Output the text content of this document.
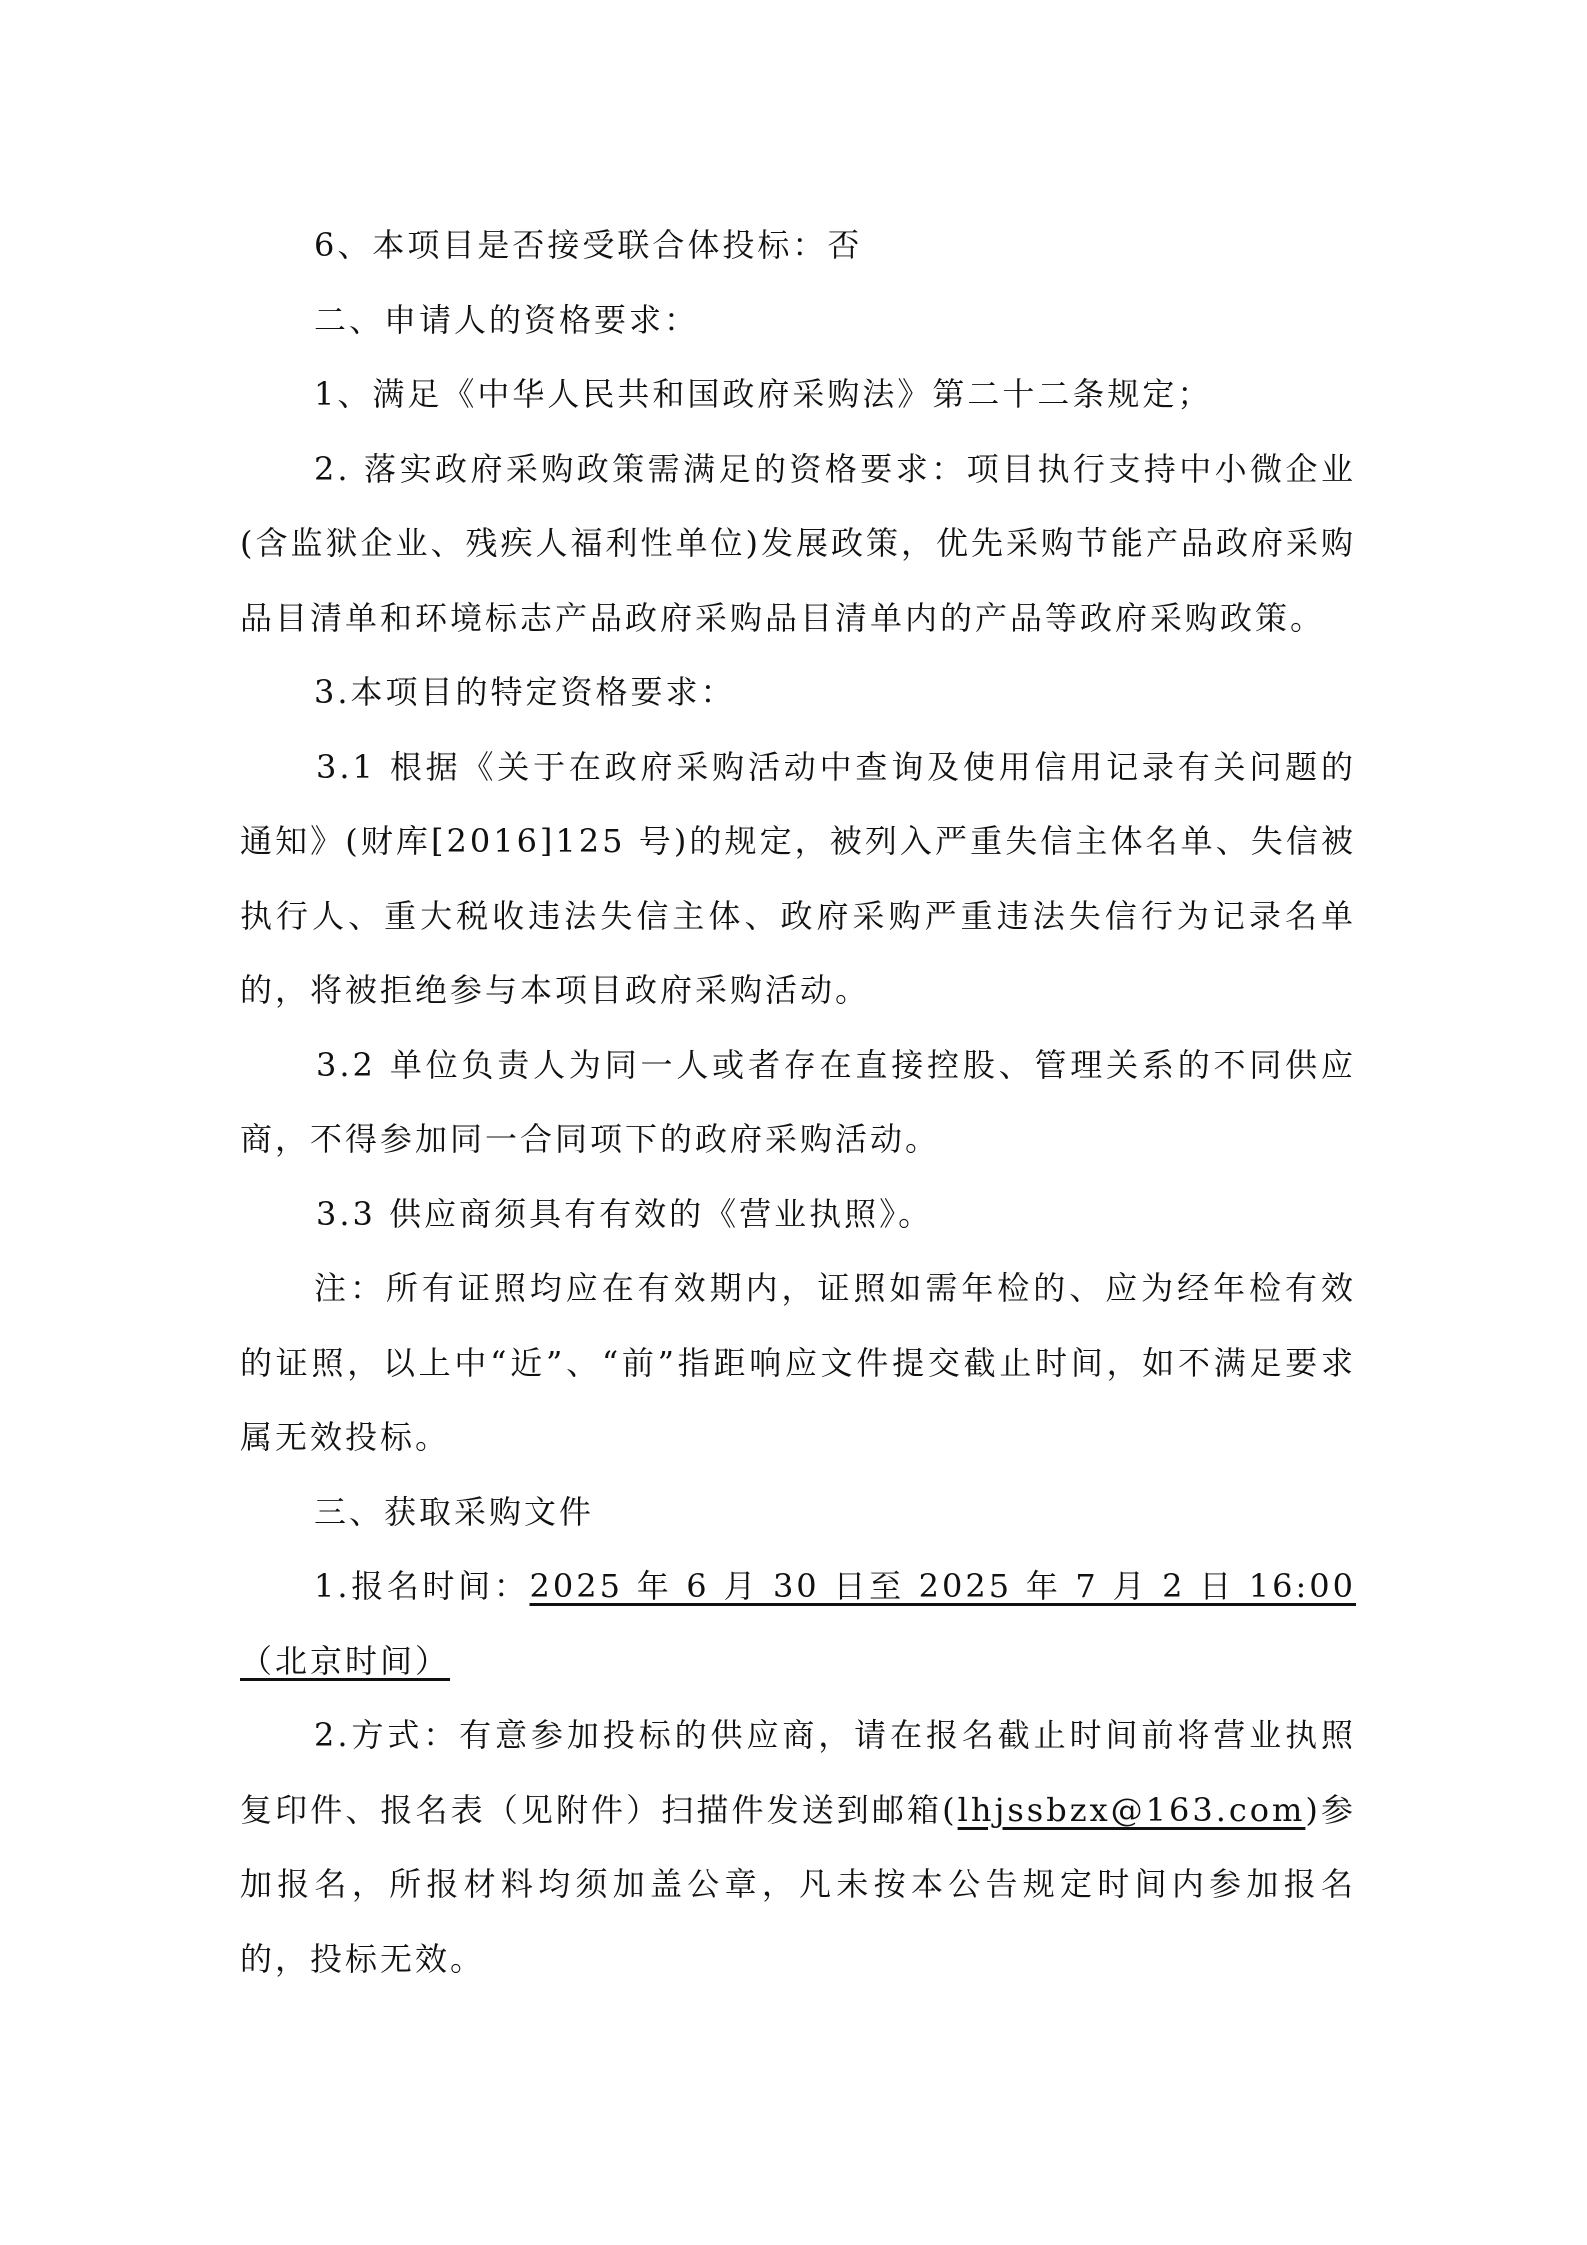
6、本项目是否接受联合体投标：否

二、申请人的资格要求：

1、满足《中华人民共和国政府采购法》第二十二条规定；

2. 落实政府采购政策需满足的资格要求：项目执行支持中小微企业(含监狱企业、残疾人福利性单位)发展政策，优先采购节能产品政府采购品目清单和环境标志产品政府采购品目清单内的产品等政府采购政策。

3.本项目的特定资格要求：

3.1 根据《关于在政府采购活动中查询及使用信用记录有关问题的通知》(财库[2016]125 号)的规定，被列入严重失信主体名单、失信被执行人、重大税收违法失信主体、政府采购严重违法失信行为记录名单的，将被拒绝参与本项目政府采购活动。

3.2 单位负责人为同一人或者存在直接控股、管理关系的不同供应商，不得参加同一合同项下的政府采购活动。

3.3 供应商须具有有效的《营业执照》。

注：所有证照均应在有效期内，证照如需年检的、应为经年检有效的证照，以上中“近”、“前”指距响应文件提交截止时间，如不满足要求属无效投标。

三、获取采购文件

1.报名时间：2025 年 6 月 30 日至 2025 年 7 月 2 日 16:00（北京时间）

2.方式：有意参加投标的供应商，请在报名截止时间前将营业执照复印件、报名表（见附件）扫描件发送到邮箱(lhjssbzx@163.com)参加报名，所报材料均须加盖公章，凡未按本公告规定时间内参加报名的，投标无效。
